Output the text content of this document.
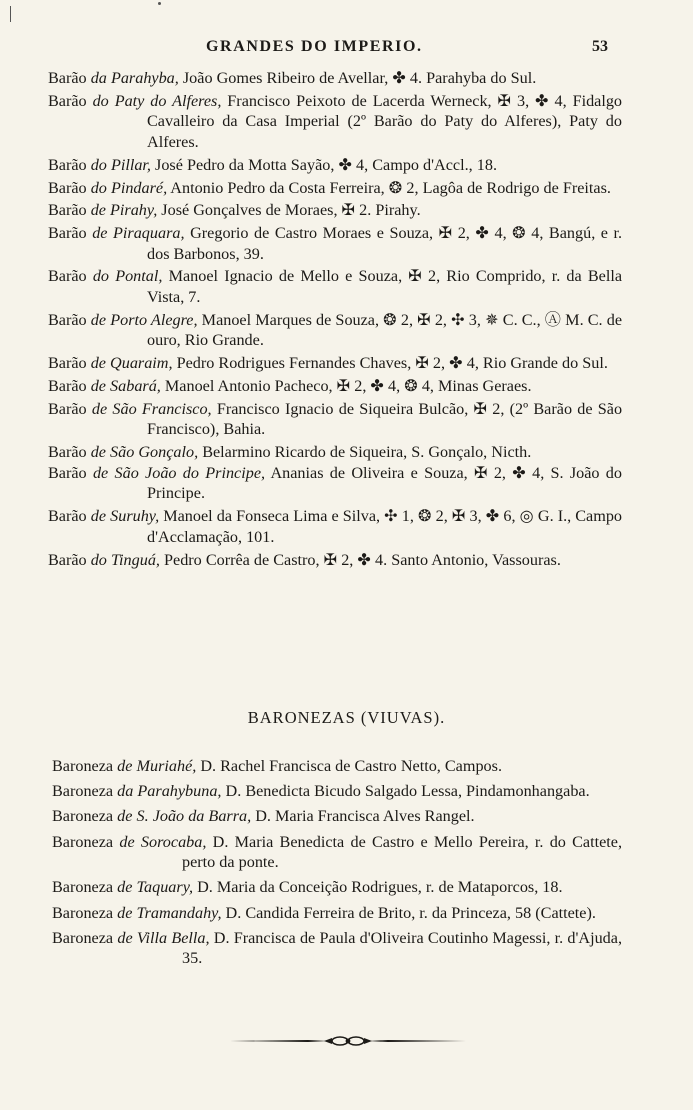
GRANDES DO IMPERIO.	53
Barão da Parahyba, João Gomes Ribeiro de Avellar, ✤ 4. Parahyba do Sul.
Barão do Paty do Alferes, Francisco Peixoto de Lacerda Werneck, ✠ 3, ✤ 4, Fidalgo Cavalleiro da Casa Imperial (2º Barão do Paty do Alferes), Paty do Alferes.
Barão do Pillar, José Pedro da Motta Sayão, ✤ 4, Campo d'Accl., 18.
Barão do Pindaré, Antonio Pedro da Costa Ferreira, ❂ 2, Lagôa de Rodrigo de Freitas.
Barão de Pirahy, José Gonçalves de Moraes, ✠ 2. Pirahy.
Barão de Piraquara, Gregorio de Castro Moraes e Souza, ✠ 2, ✤ 4, ❂ 4, Bangú, e r. dos Barbonos, 39.
Barão do Pontal, Manoel Ignacio de Mello e Souza, ✠ 2, Rio Comprido, r. da Bella Vista, 7.
Barão de Porto Alegre, Manoel Marques de Souza, ❂ 2, ✠ 2, ✣ 3, ✵ C. C., Ⓐ M. C. de ouro, Rio Grande.
Barão de Quaraim, Pedro Rodrigues Fernandes Chaves, ✠ 2, ✤ 4, Rio Grande do Sul.
Barão de Sabará, Manoel Antonio Pacheco, ✠ 2, ✤ 4, ❂ 4, Minas Geraes.
Barão de São Francisco, Francisco Ignacio de Siqueira Bulcão, ✠ 2, (2º Barão de São Francisco), Bahia.
Barão de São Gonçalo, Belarmino Ricardo de Siqueira, S. Gonçalo, Nicth.
Barão de São João do Principe, Ananias de Oliveira e Souza, ✠ 2, ✤ 4, S. João do Principe.
Barão de Suruhy, Manoel da Fonseca Lima e Silva, ✣ 1, ❂ 2, ✠ 3, ✤ 6, ◎ G. I., Campo d'Acclamação, 101.
Barão do Tinguá, Pedro Corrêa de Castro, ✠ 2, ✤ 4. Santo Antonio, Vassouras.
BARONEZAS (VIUVAS).
Baroneza de Muriahé, D. Rachel Francisca de Castro Netto, Campos.
Baroneza da Parahybuna, D. Benedicta Bicudo Salgado Lessa, Pindamonhangaba.
Baroneza de S. João da Barra, D. Maria Francisca Alves Rangel.
Baroneza de Sorocaba, D. Maria Benedicta de Castro e Mello Pereira, r. do Cattete, perto da ponte.
Baroneza de Taquary, D. Maria da Conceição Rodrigues, r. de Mataporcos, 18.
Baroneza de Tramandahy, D. Candida Ferreira de Brito, r. da Princeza, 58 (Cattete).
Baroneza de Villa Bella, D. Francisca de Paula d'Oliveira Coutinho Magessi, r. d'Ajuda, 35.
